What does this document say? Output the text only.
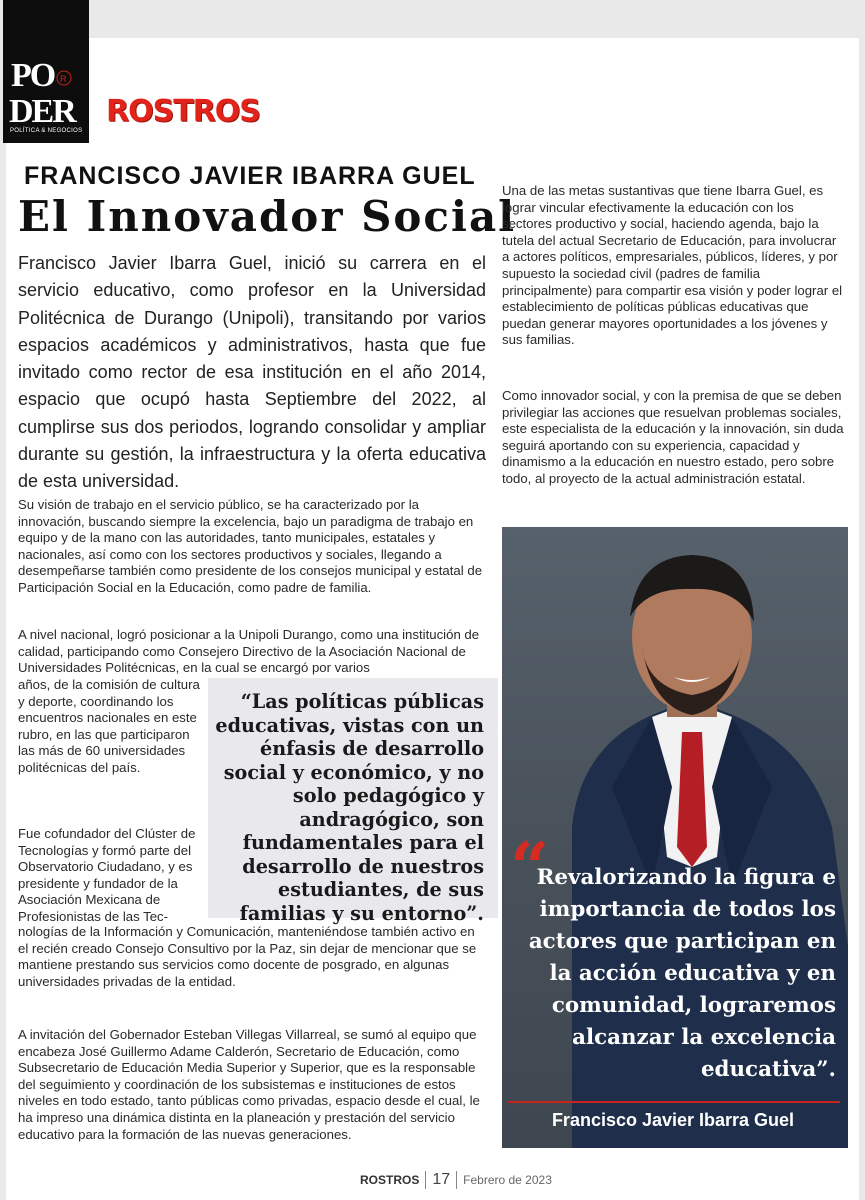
PO R
DER
POLÍTICA & NEGOCIOS
ROSTROS
FRANCISCO JAVIER IBARRA GUEL
El Innovador Social

Francisco Javier Ibarra Guel, inició su carrera en el servicio educativo, como profesor en la Universidad Politécnica de Durango (Unipoli), transitando por varios espacios académicos y administrativos, hasta que fue invitado como rector de esa institución en el año 2014, espacio que ocupó hasta Septiembre del 2022, al cumplirse sus dos periodos, logrando consolidar y ampliar durante su gestión, la infraestructura y la oferta educativa de esta universidad.

Su visión de trabajo en el servicio público, se ha caracterizado por la innovación, buscando siempre la excelencia, bajo un paradigma de trabajo en equipo y de la mano con las autoridades, tanto municipales, estatales y nacionales, así como con los sectores productivos y sociales, llegando a desempeñarse también como presidente de los consejos municipal y estatal de Participación Social en la Educación, como padre de familia.

A nivel nacional, logró posicionar a la Unipoli Durango, como una institución de calidad, participando como Consejero Directivo de la Asociación Nacional de Universidades Politécnicas, en la cual se encargó por varios

años, de la comisión de cultura y deporte, coordinando los encuentros nacionales en este rubro, en las que participaron las más de 60 universidades politécnicas del país.

Fue cofundador del Clúster de Tecnologías y formó parte del Observatorio Ciudadano, y es presidente y fundador de la Asociación Mexicana de Profesionistas de las Tec-

nologías de la Información y Comunicación, manteniéndose también activo en el recién creado Consejo Consultivo por la Paz, sin dejar de mencionar que se mantiene prestando sus servicios como docente de posgrado, en algunas universidades privadas de la entidad.

A invitación del Gobernador Esteban Villegas Villarreal, se sumó al equipo que encabeza José Guillermo Adame Calderón, Secretario de Educación, como Subsecretario de Educación Media Superior y Superior, que es la responsable del seguimiento y coordinación de los subsistemas e instituciones de estos niveles en todo estado, tanto públicas como privadas, espacio desde el cual, le ha impreso una dinámica distinta en la planeación y prestación del servicio educativo para la formación de las nuevas generaciones.

“Las políticas públicas educativas, vistas con un énfasis de desarrollo social y económico, y no solo pedagógico y andragógico, son fundamentales para el desarrollo de nuestros estudiantes, de sus familias y su entorno”.

Una de las metas sustantivas que tiene Ibarra Guel, es lograr vincular efectivamente la educación con los sectores productivo y social, haciendo agenda, bajo la tutela del actual Secretario de Educación, para involucrar a actores políticos, empresariales, públicos, líderes, y por supuesto la sociedad civil (padres de familia principalmente) para compartir esa visión y poder lograr el establecimiento de políticas públicas educativas que puedan generar mayores oportunidades a los jóvenes y sus familias.

Como innovador social, y con la premisa de que se deben privilegiar las acciones que resuelvan problemas sociales, este especialista de la educación y la innovación, sin duda seguirá aportando con su experiencia, capacidad y dinamismo a la educación en nuestro estado, pero sobre todo, al proyecto de la actual administración estatal.

“

Revalorizando la figura e importancia de todos los actores que participan en la acción educativa y en comunidad, lograremos alcanzar la excelencia educativa”.

Francisco Javier Ibarra Guel
ROSTROS 17 Febrero de 2023
